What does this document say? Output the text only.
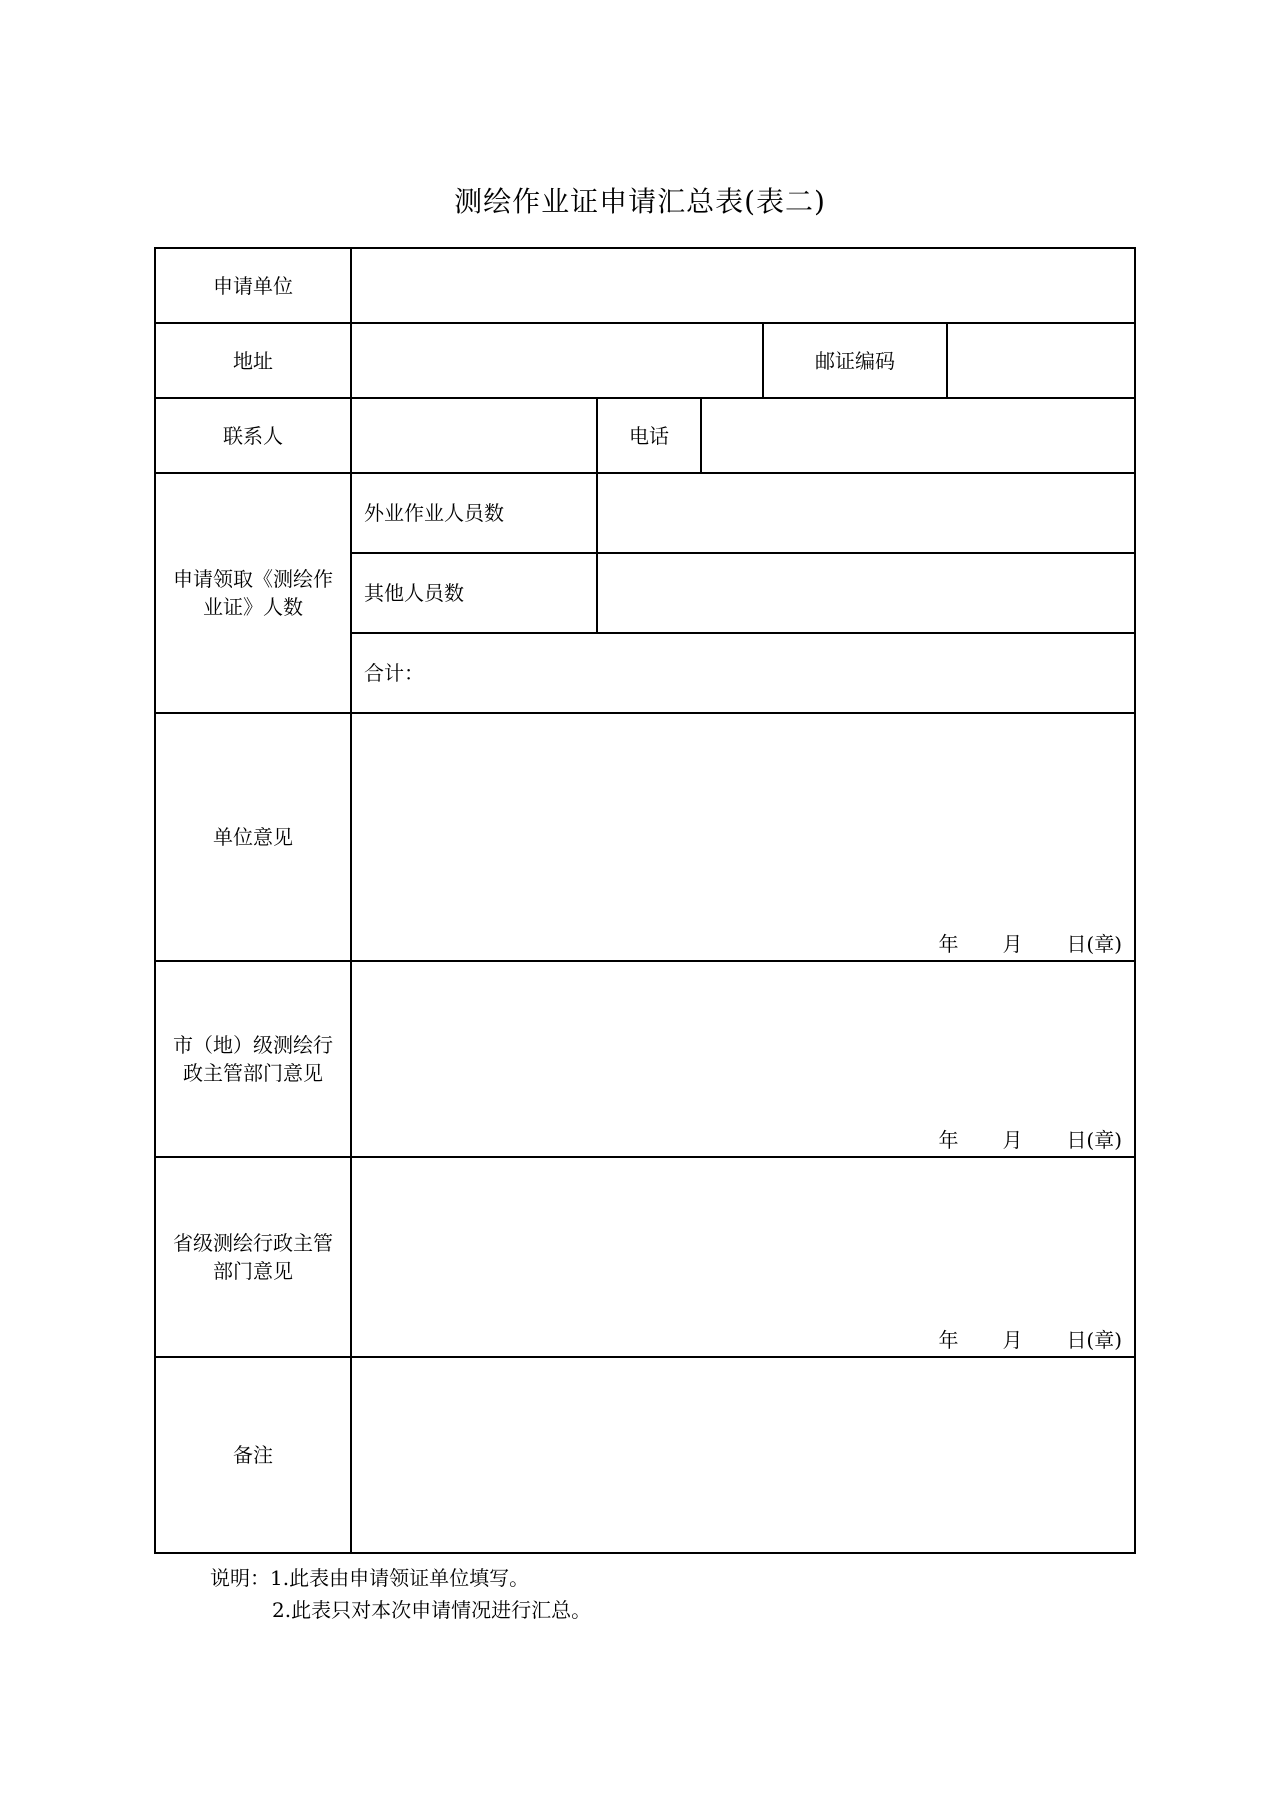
测绘作业证申请汇总表(表二)
申请单位					
地址				邮证编码	
联系人		电话			
申请领取《测绘作业证》人数	外业作业人员数				
	其他人员数				
	合计：				
单位意见	年 月 日(章)				

市（地）级测绘行政主管部门意见	年 月 日(章)				

省级测绘行政主管部门意见	年 月 日(章)				

备注					
说明：1.此表由申请领证单位填写。
2.此表只对本次申请情况进行汇总。
